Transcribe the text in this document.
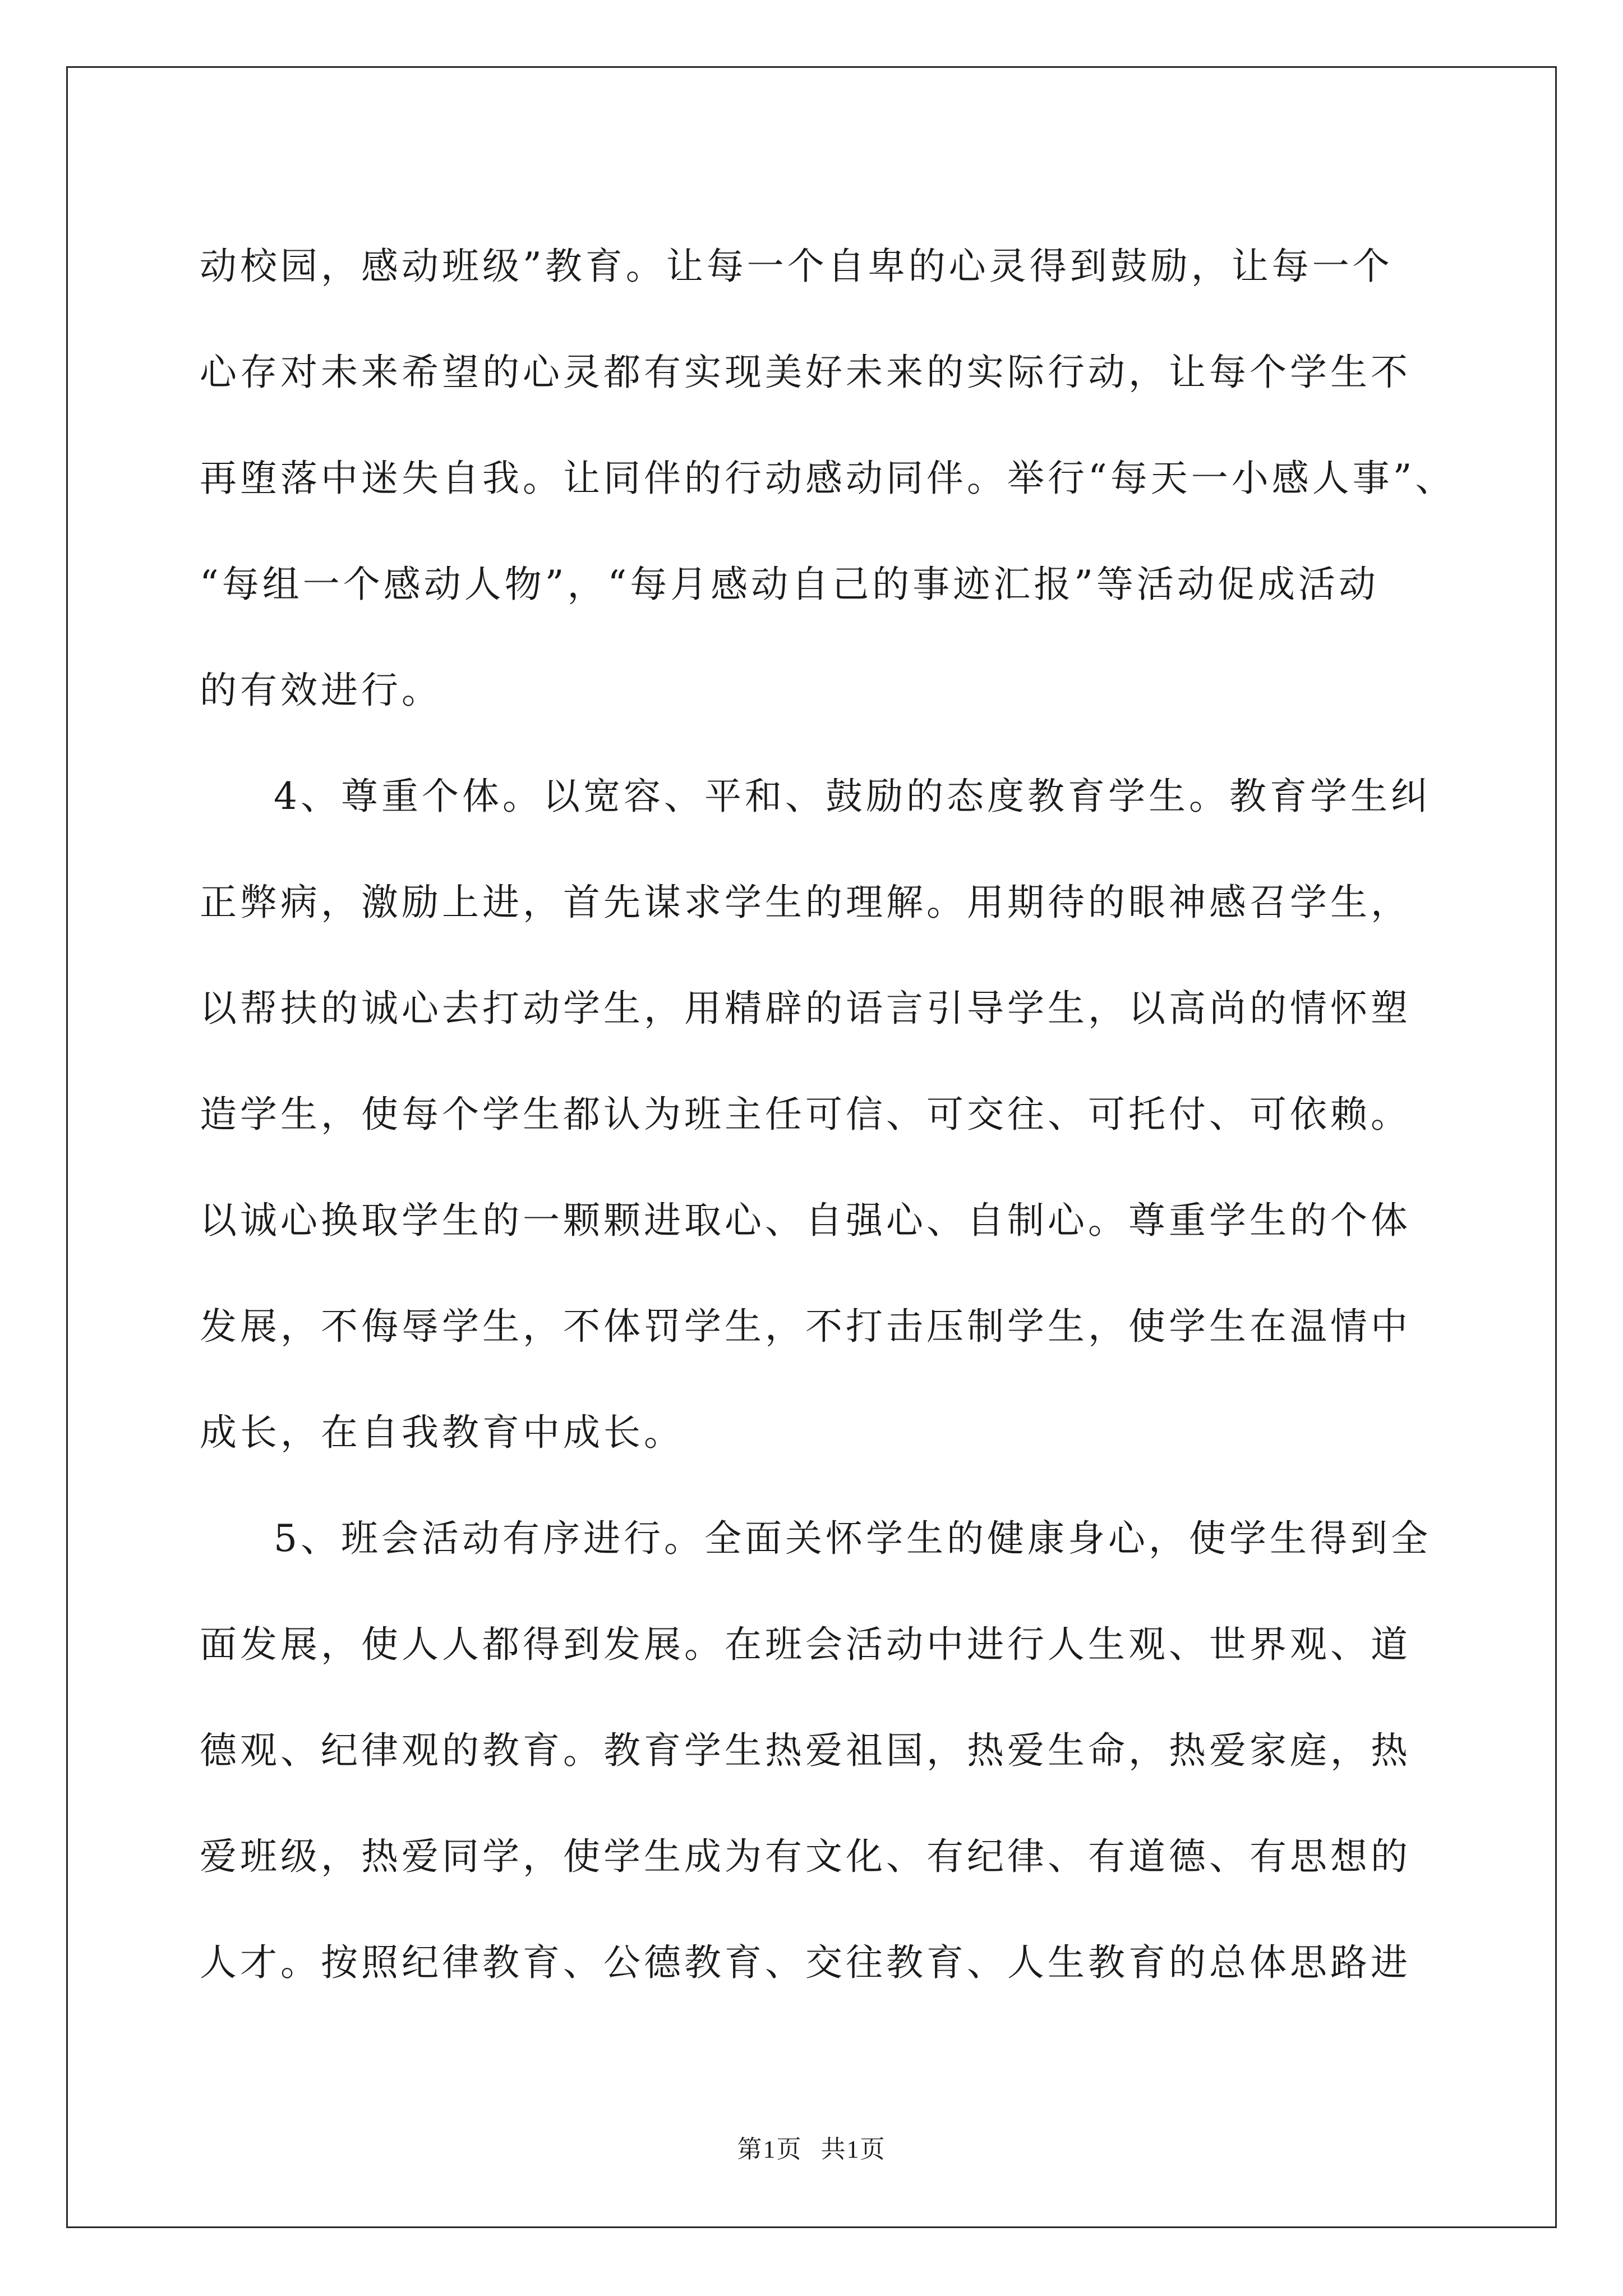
动校园，感动班级”教育。让每一个自卑的心灵得到鼓励，让每一个
心存对未来希望的心灵都有实现美好未来的实际行动，让每个学生不
再堕落中迷失自我。让同伴的行动感动同伴。举行“每天一小感人事”、
“每组一个感动人物”，“每月感动自己的事迹汇报”等活动促成活动
的有效进行。
4、尊重个体。以宽容、平和、鼓励的态度教育学生。教育学生纠
正弊病，激励上进，首先谋求学生的理解。用期待的眼神感召学生，
以帮扶的诚心去打动学生，用精辟的语言引导学生，以高尚的情怀塑
造学生，使每个学生都认为班主任可信、可交往、可托付、可依赖。
以诚心换取学生的一颗颗进取心、自强心、自制心。尊重学生的个体
发展，不侮辱学生，不体罚学生，不打击压制学生，使学生在温情中
成长，在自我教育中成长。
5、班会活动有序进行。全面关怀学生的健康身心，使学生得到全
面发展，使人人都得到发展。在班会活动中进行人生观、世界观、道
德观、纪律观的教育。教育学生热爱祖国，热爱生命，热爱家庭，热
爱班级，热爱同学，使学生成为有文化、有纪律、有道德、有思想的
人才。按照纪律教育、公德教育、交往教育、人生教育的总体思路进
第1页 共1页
